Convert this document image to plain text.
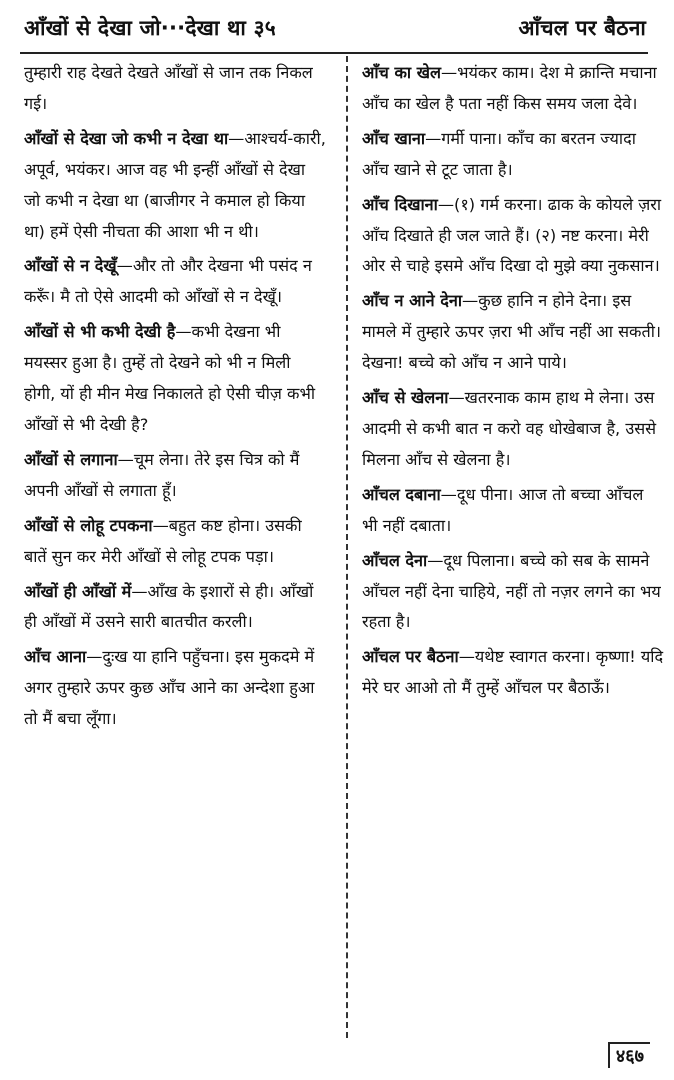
आँखों से देखा जो···देखा था ३५	आँचल पर बैठना

तुम्हारी राह देखते देखते आँखों से जान तक निकल गई।

आँखों से देखा जो कभी न देखा था—आश्चर्य-कारी, अपूर्व, भयंकर। आज वह भी इन्हीं आँखों से देखा जो कभी न देखा था (बाजीगर ने कमाल हो किया था) हमें ऐसी नीचता की आशा भी न थी।

आँखों से न देखूँ—और तो और देखना भी पसंद न करूँ। मै तो ऐसे आदमी को आँखों से न देखूँ।

आँखों से भी कभी देखी है—कभी देखना भी मयस्सर हुआ है। तुम्हें तो देखने को भी न मिली होगी, यों ही मीन मेख निकालते हो ऐसी चीज़ कभी आँखों से भी देखी है?

आँखों से लगाना—चूम लेना। तेरे इस चित्र को मैं अपनी आँखों से लगाता हूँ।

आँखों से लोहू टपकना—बहुत कष्ट होना। उसकी बातें सुन कर मेरी आँखों से लोहू टपक पड़ा।

आँखों ही आँखों में—आँख के इशारों से ही। आँखों ही आँखों में उसने सारी बातचीत करली।

आँच आना—दुःख या हानि पहुँचना। इस मुकदमे में अगर तुम्हारे ऊपर कुछ आँच आने का अन्देशा हुआ तो मैं बचा लूँगा।

आँच का खेल—भयंकर काम। देश मे क्रान्ति मचाना आँच का खेल है पता नहीं किस समय जला देवे।

आँच खाना—गर्मी पाना। काँच का बरतन ज्यादा आँच खाने से टूट जाता है।

आँच दिखाना—(१) गर्म करना। ढाक के कोयले ज़रा आँच दिखाते ही जल जाते हैं। (२) नष्ट करना। मेरी ओर से चाहे इसमे आँच दिखा दो मुझे क्या नुकसान।

आँच न आने देना—कुछ हानि न होने देना। इस मामले में तुम्हारे ऊपर ज़रा भी आँच नहीं आ सकती। देखना! बच्चे को आँच न आने पाये।

आँच से खेलना—खतरनाक काम हाथ मे लेना। उस आदमी से कभी बात न करो वह धोखेबाज है, उससे मिलना आँच से खेलना है।

आँचल दबाना—दूध पीना। आज तो बच्चा आँचल भी नहीं दबाता।

आँचल देना—दूध पिलाना। बच्चे को सब के सामने आँचल नहीं देना चाहिये, नहीं तो नज़र लगने का भय रहता है।

आँचल पर बैठना—यथेष्ट स्वागत करना। कृष्णा! यदि मेरे घर आओ तो मैं तुम्हें आँचल पर बैठाऊँ।

४६७
